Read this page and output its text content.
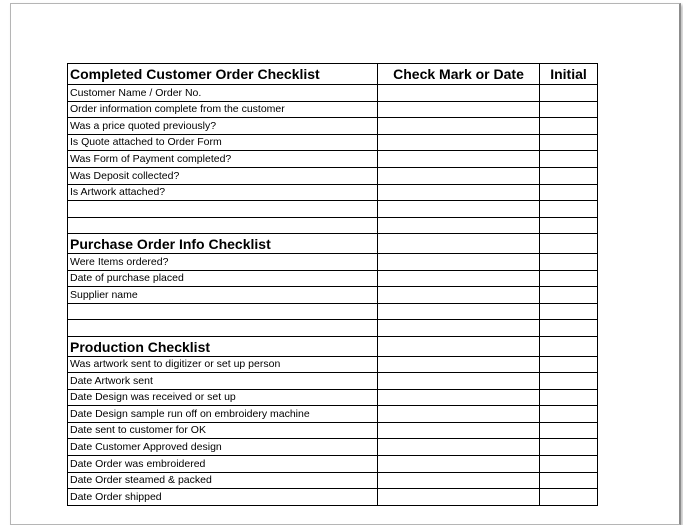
Completed Customer Order Checklist	Check Mark or Date	Initial
Customer Name / Order No.		
Order information complete from the customer		
Was a price quoted previously?		
Is Quote attached to Order Form		
Was Form of Payment completed?		
Was Deposit collected?		
Is Artwork attached?		

Purchase Order Info Checklist		
Were Items ordered?		
Date of purchase placed		
Supplier name		

Production Checklist		
Was artwork sent to digitizer or set up person		
Date Artwork sent		
Date Design was received or set up		
Date Design sample run off on embroidery machine		
Date sent to customer for OK		
Date Customer Approved design		
Date Order was embroidered		
Date Order steamed & packed		
Date Order shipped		
